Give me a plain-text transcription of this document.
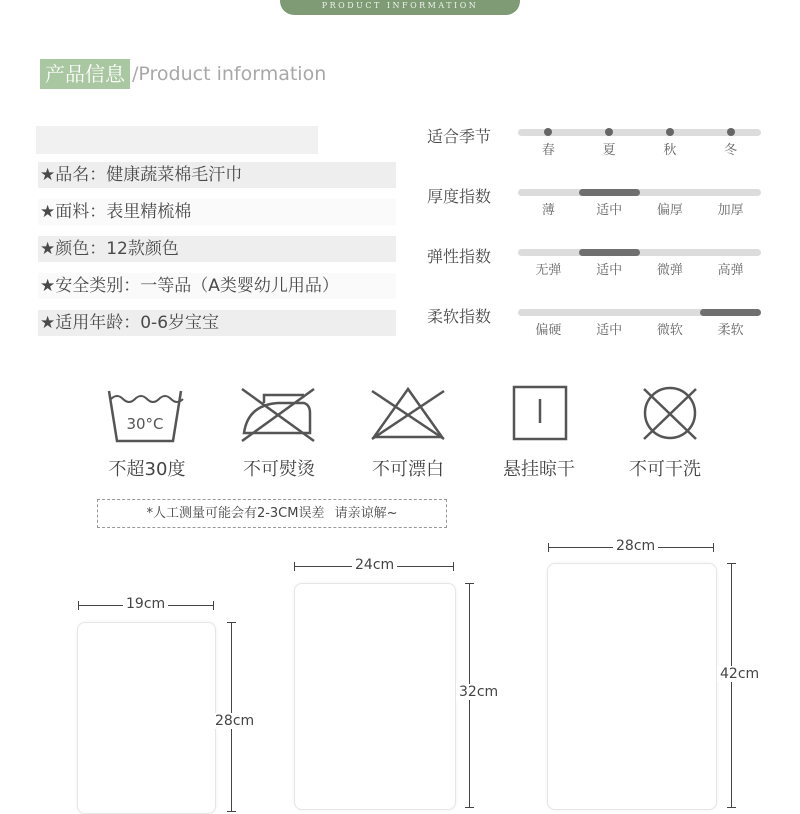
PRODUCT INFORMATION
产品信息 /Product information
★品名：健康蔬菜棉毛汗巾
★面料：表里精梳棉
★颜色：12款颜色
★安全类别：一等品（A类婴幼儿用品）
★适用年龄：0-6岁宝宝
适合季节
春	夏	秋	冬
厚度指数
薄	适中	偏厚	加厚
弹性指数
无弹	适中	微弹	高弹
柔软指数
偏硬	适中	微软	柔软
30°C
不超30度	不可熨烫	不可漂白	悬挂晾干	不可干洗
*人工测量可能会有2-3CM误差 请亲谅解~
19cm
28cm
24cm
32cm
28cm
42cm
